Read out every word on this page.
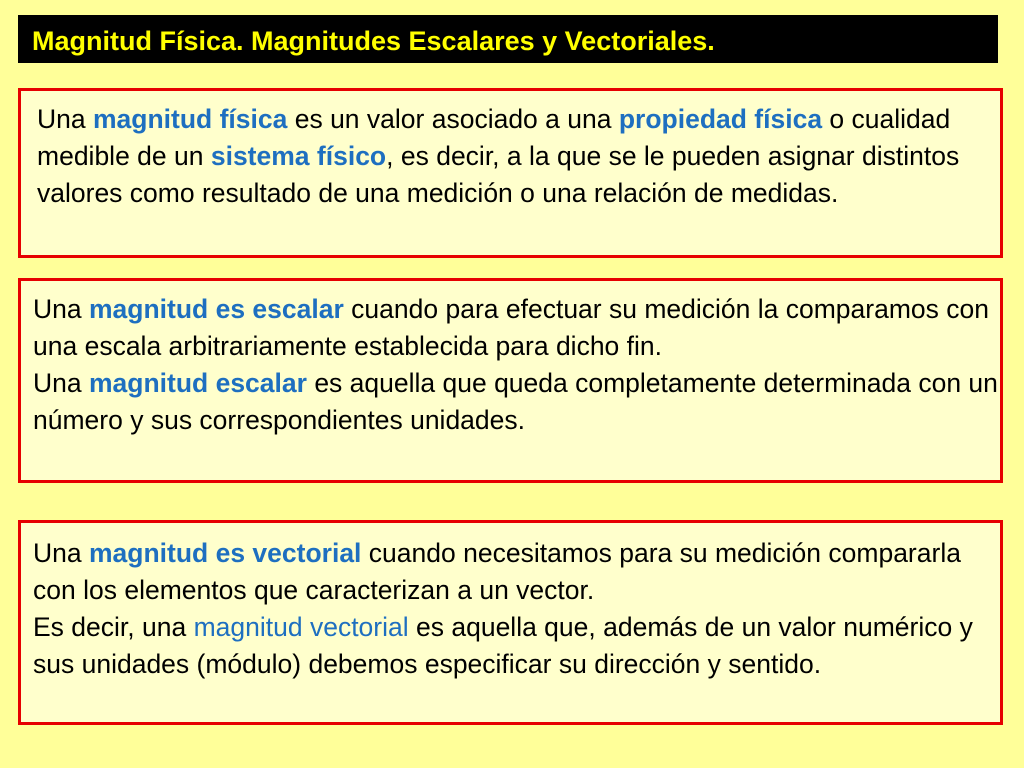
Magnitud Física. Magnitudes Escalares y Vectoriales.

Una magnitud física es un valor asociado a una propiedad física o cualidad medible de un sistema físico, es decir, a la que se le pueden asignar distintos valores como resultado de una medición o una relación de medidas.

Una magnitud es escalar cuando para efectuar su medición la comparamos con una escala arbitrariamente establecida para dicho fin.

Una magnitud escalar es aquella que queda completamente determinada con un número y sus correspondientes unidades.

Una magnitud es vectorial cuando necesitamos para su medición compararla con los elementos que caracterizan a un vector.

Es decir, una magnitud vectorial es aquella que, además de un valor numérico y sus unidades (módulo) debemos especificar su dirección y sentido.
